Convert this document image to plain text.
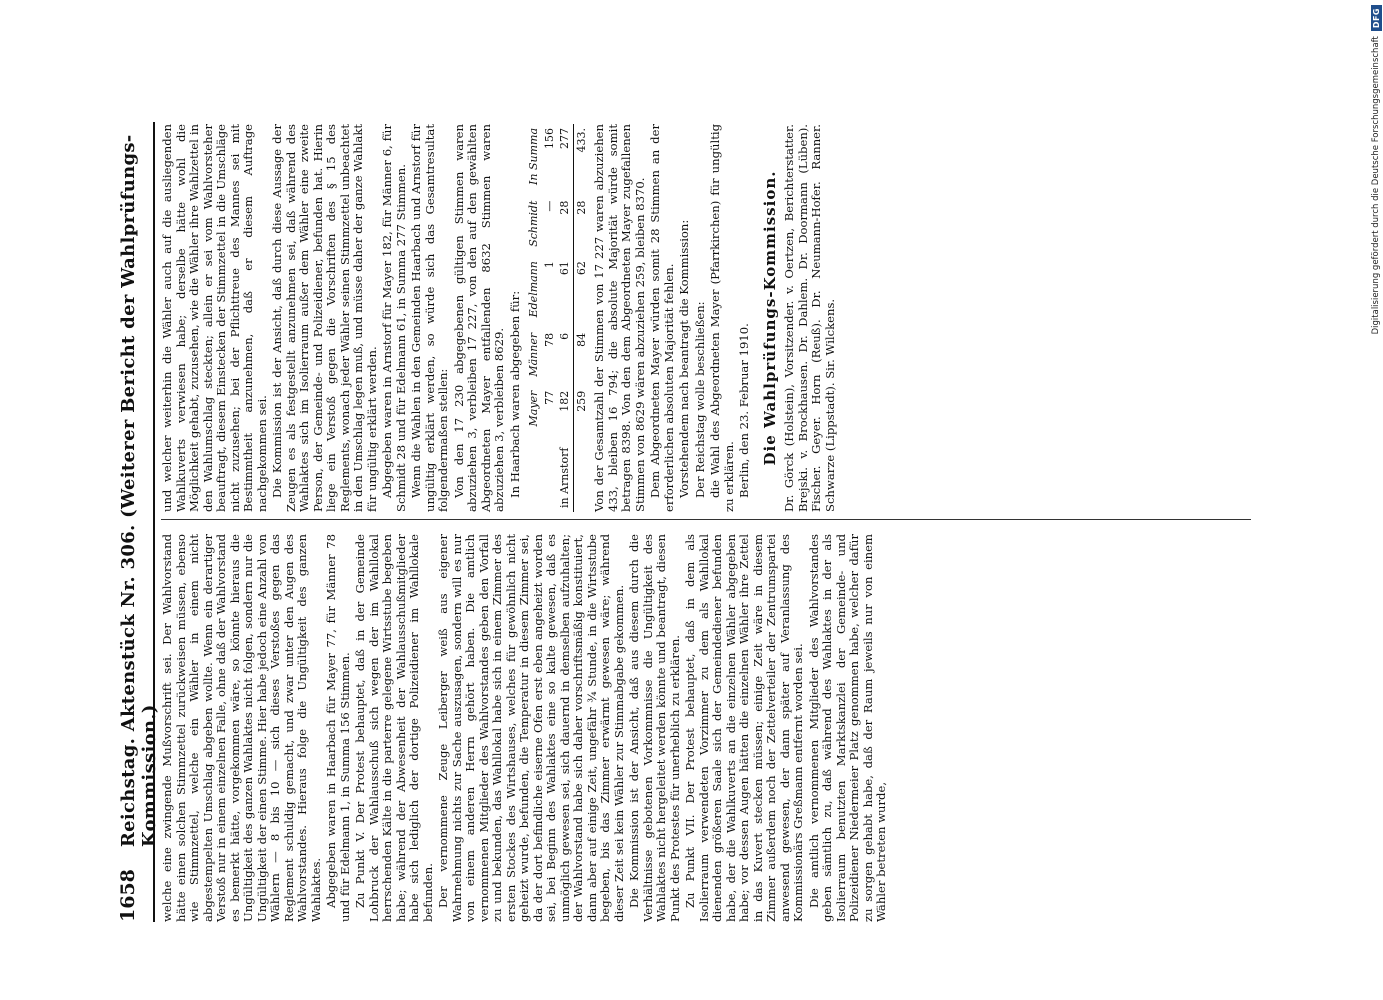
1658
Reichstag. Aktenstück Nr. 306. (Weiterer Bericht der Wahlprüfungs-Kommission.) welche eine zwingende Mußvorschrift sei. Der Wahlvorstand hätte einen solchen Stimmzettel zurückweisen müssen, ebenso wie Stimmzettel, welche ein Wähler in einem nicht abgestempelten Umschlag abgeben wollte. Wenn ein derartiger Verstoß nur in einem einzelnen Falle, ohne daß der Wahlvorstand es bemerkt hätte, vorgekommen wäre, so könnte hieraus die Ungültigkeit des ganzen Wahlaktes nicht folgen, sondern nur die Ungültigkeit der einen Stimme. Hier habe jedoch eine Anzahl von Wählern — 8 bis 10 — sich dieses Verstoßes gegen das Reglement schuldig gemacht, und zwar unter den Augen des Wahlvorstandes. Hieraus folge die Ungültigkeit des ganzen Wahlaktes. Abgegeben waren in Haarbach für Mayer 77, für Männer 78 und für Edelmann 1, in Summa 156 Stimmen. Zu Punkt V. Der Protest behauptet, daß in der Gemeinde Lohbruck der Wahlausschuß sich wegen der im Wahllokal herrschenden Kälte in die parterre gelegene Wirtsstube begeben habe; während der Abwesenheit der Wahlausschußmitglieder habe sich lediglich der dortige Polizeidiener im Wahllokale befunden. Der vernommene Zeuge Leiberger weiß aus eigener Wahrnehmung nichts zur Sache auszusagen, sondern will es nur von einem anderen Herrn gehört haben. Die amtlich vernommenen Mitglieder des Wahlvorstandes geben den Vorfall zu und bekunden, das Wahllokal habe sich in einem Zimmer des ersten Stockes des Wirtshauses, welches für gewöhnlich nicht geheizt wurde, befunden, die Temperatur in diesem Zimmer sei, da der dort befindliche eiserne Ofen erst eben angeheizt worden sei, bei Beginn des Wahlaktes eine so kalte gewesen, daß es unmöglich gewesen sei, sich dauernd in demselben aufzuhalten; der Wahlvorstand habe sich daher vorschriftsmäßig konstituiert, dann aber auf einige Zeit, ungefähr ¾ Stunde, in die Wirtsstube begeben, bis das Zimmer erwärmt gewesen wäre; während dieser Zeit sei kein Wähler zur Stimmabgabe gekommen. Die Kommission ist der Ansicht, daß aus diesem durch die Verhältnisse gebotenen Vorkommnisse die Ungültigkeit des Wahlaktes nicht hergeleitet werden könnte und beantragt, diesen Punkt des Protestes für unerheblich zu erklären. Zu Punkt VII. Der Protest behauptet, daß in dem als Isolierraum verwendeten Vorzimmer zu dem als Wahllokal dienenden größeren Saale sich der Gemeindediener befunden habe, der die Wahlkuverts an die einzelnen Wähler abgegeben habe; vor dessen Augen hätten die einzelnen Wähler ihre Zettel in das Kuvert stecken müssen; einige Zeit wäre in diesem Zimmer außerdem noch der Zettelverteiler der Zentrumspartei anwesend gewesen, der dann später auf Veranlassung des Kommissionärs Greßmann entfernt worden sei. Die amtlich vernommenen Mitglieder des Wahlvorstandes geben sämtlich zu, daß während des Wahlaktes in der als Isolierraum benutzten Marktskanzlei der Gemeinde- und Polizeidiener Niedermeier Platz genommen habe, welcher dafür zu sorgen gehabt habe, daß der Raum jeweils nur von einem Wähler betreten wurde,

und welcher weiterhin die Wähler auch auf die ausliegenden Wahlkuverts verwiesen habe; derselbe hätte wohl die Möglichkeit gehabt, zuzusehen, wie die Wähler ihre Wahlzettel in den Wahlumschlag steckten; allein er sei vom Wahlvorsteher beauftragt, diesem Einstecken der Stimmzettel in die Umschläge nicht zuzusehen; bei der Pflichttreue des Mannes sei mit Bestimmtheit anzunehmen, daß er diesem Auftrage nachgekommen sei. Die Kommission ist der Ansicht, daß durch diese Aussage der Zeugen es als festgestellt anzunehmen sei, daß während des Wahlaktes sich im Isolierraum außer dem Wähler eine zweite Person, der Gemeinde- und Polizeidiener, befunden hat. Hierin liege ein Verstoß gegen die Vorschriften des § 15 des Reglements, wonach jeder Wähler seinen Stimmzettel unbeachtet in den Umschlag legen muß, und müsse daher der ganze Wahlakt für ungültig erklärt werden. Abgegeben waren in Arnstorf für Mayer 182, für Männer 6, für Schmidt 28 und für Edelmann 61, in Summa 277 Stimmen. Wenn die Wahlen in den Gemeinden Haarbach und Arnstorf für ungültig erklärt werden, so würde sich das Gesamtresultat folgendermaßen stellen: Von den 17 230 abgegebenen gültigen Stimmen waren abzuziehen 3, verbleiben 17 227, von den auf den gewählten Abgeordneten Mayer entfallenden 8632 Stimmen waren abzuziehen 3, verbleiben 8629. In Haarbach waren abgegeben für:

	Mayer	Männer	Edelmann	Schmidt	In Summa
	77	78	1	—	156
in Arnstorf	182	6	61	28	277
	259	84	62	28	433. Von der Gesamtzahl der Stimmen von 17 227 waren abzuziehen 433, bleiben 16 794; die absolute Majorität würde somit betragen 8398. Von den dem Abgeordneten Mayer zugefallenen Stimmen von 8629 wären abzuziehen 259, bleiben 8370. Dem Abgeordneten Mayer würden somit 28 Stimmen an der erforderlichen absoluten Majorität fehlen. Vorstehendem nach beantragt die Kommission: Der Reichstag wolle beschließen: die Wahl des Abgeordneten Mayer (Pfarrkirchen) für ungültig zu erklären. Berlin, den 23. Februar 1910. Die Wahlprüfungs-Kommission. Dr. Görck (Holstein), Vorsitzender. v. Oertzen, Berichterstatter. Brejski. v. Brockhausen. Dr. Dahlem. Dr. Doormann (Lüben). Fischer. Geyer. Horn (Reuß). Dr. Neumann-Hofer. Ranner. Schwarze (Lippstadt). Sir. Wilckens.

Digitalisierung gefördert durch die Deutsche Forschungsgemeinschaft
DFG
